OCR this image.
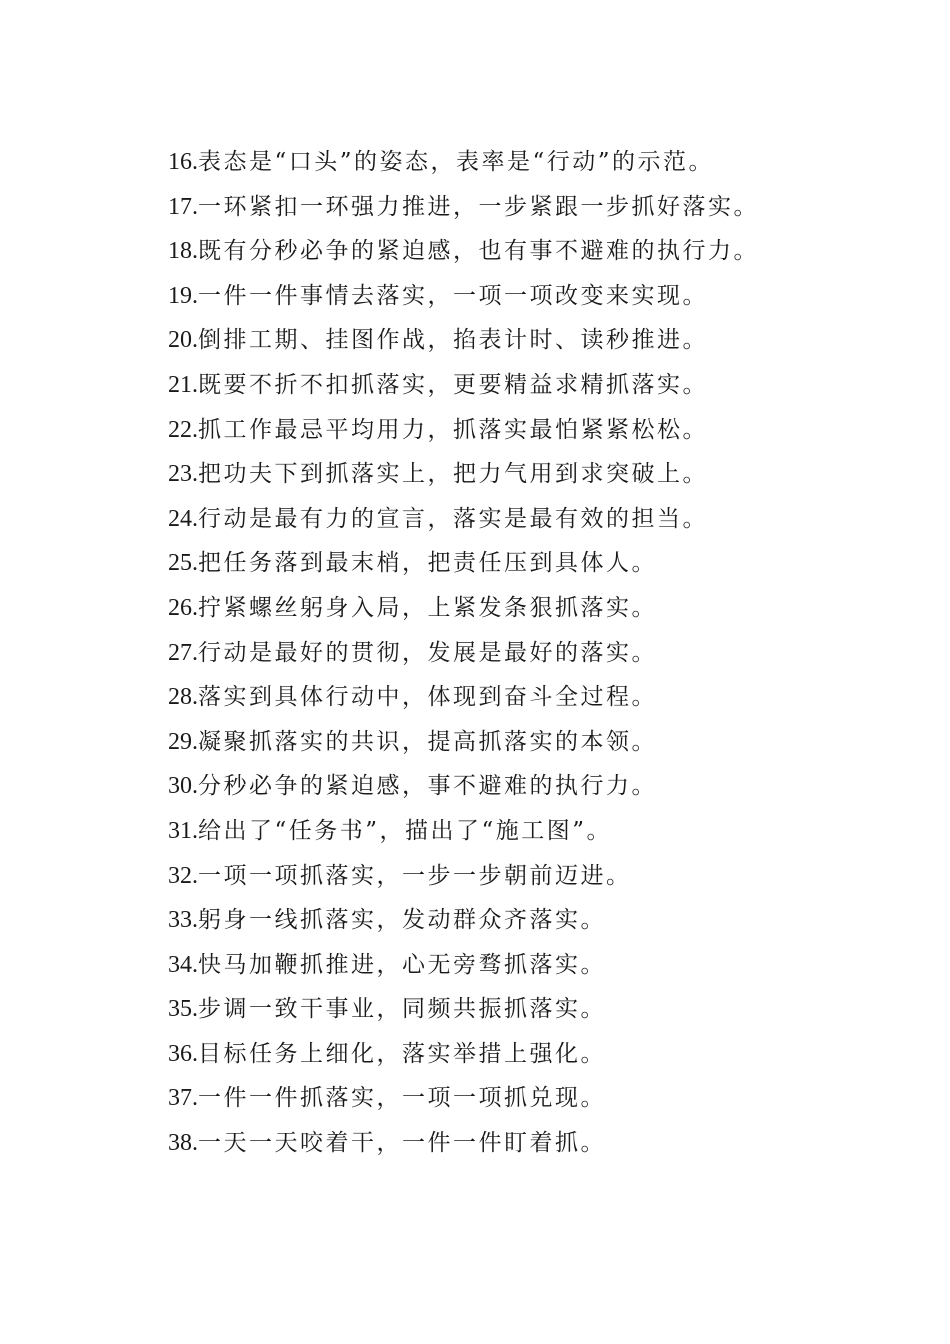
16.表态是“口头”的姿态，表率是“行动”的示范。
17.一环紧扣一环强力推进，一步紧跟一步抓好落实。
18.既有分秒必争的紧迫感，也有事不避难的执行力。
19.一件一件事情去落实，一项一项改变来实现。
20.倒排工期、挂图作战，掐表计时、读秒推进。
21.既要不折不扣抓落实，更要精益求精抓落实。
22.抓工作最忌平均用力，抓落实最怕紧紧松松。
23.把功夫下到抓落实上，把力气用到求突破上。
24.行动是最有力的宣言，落实是最有效的担当。
25.把任务落到最末梢，把责任压到具体人。
26.拧紧螺丝躬身入局，上紧发条狠抓落实。
27.行动是最好的贯彻，发展是最好的落实。
28.落实到具体行动中，体现到奋斗全过程。
29.凝聚抓落实的共识，提高抓落实的本领。
30.分秒必争的紧迫感，事不避难的执行力。
31.给出了“任务书”，描出了“施工图”。
32.一项一项抓落实，一步一步朝前迈进。
33.躬身一线抓落实，发动群众齐落实。
34.快马加鞭抓推进，心无旁骛抓落实。
35.步调一致干事业，同频共振抓落实。
36.目标任务上细化，落实举措上强化。
37.一件一件抓落实，一项一项抓兑现。
38.一天一天咬着干，一件一件盯着抓。
